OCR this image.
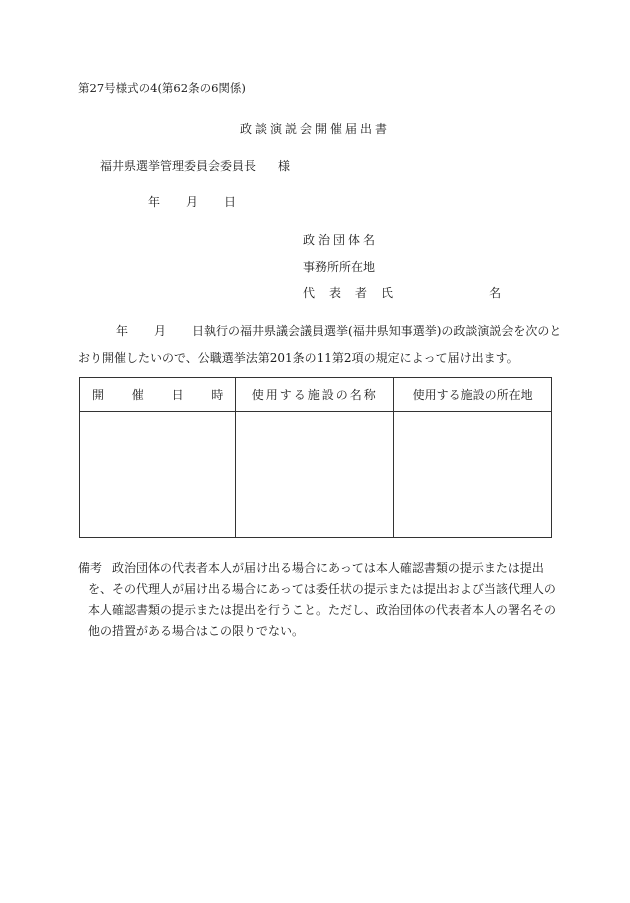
第27号様式の4(第62条の6関係)
政談演説会開催届出書
福井県選挙管理委員会委員長 様
年 月 日
政治団体名
事務所所在地
代 表 者 氏	名
年 月 日執行の福井県議会議員選挙(福井県知事選挙)の政談演説会を次のと
おり開催したいので、公職選挙法第201条の11第2項の規定によって届け出ます。
開催日時	使用する施設の名称	使用する施設の所在地

備考 政治団体の代表者本人が届け出る場合にあっては本人確認書類の提示または提出
を、その代理人が届け出る場合にあっては委任状の提示または提出および当該代理人の
本人確認書類の提示または提出を行うこと。ただし、政治団体の代表者本人の署名その
他の措置がある場合はこの限りでない。
